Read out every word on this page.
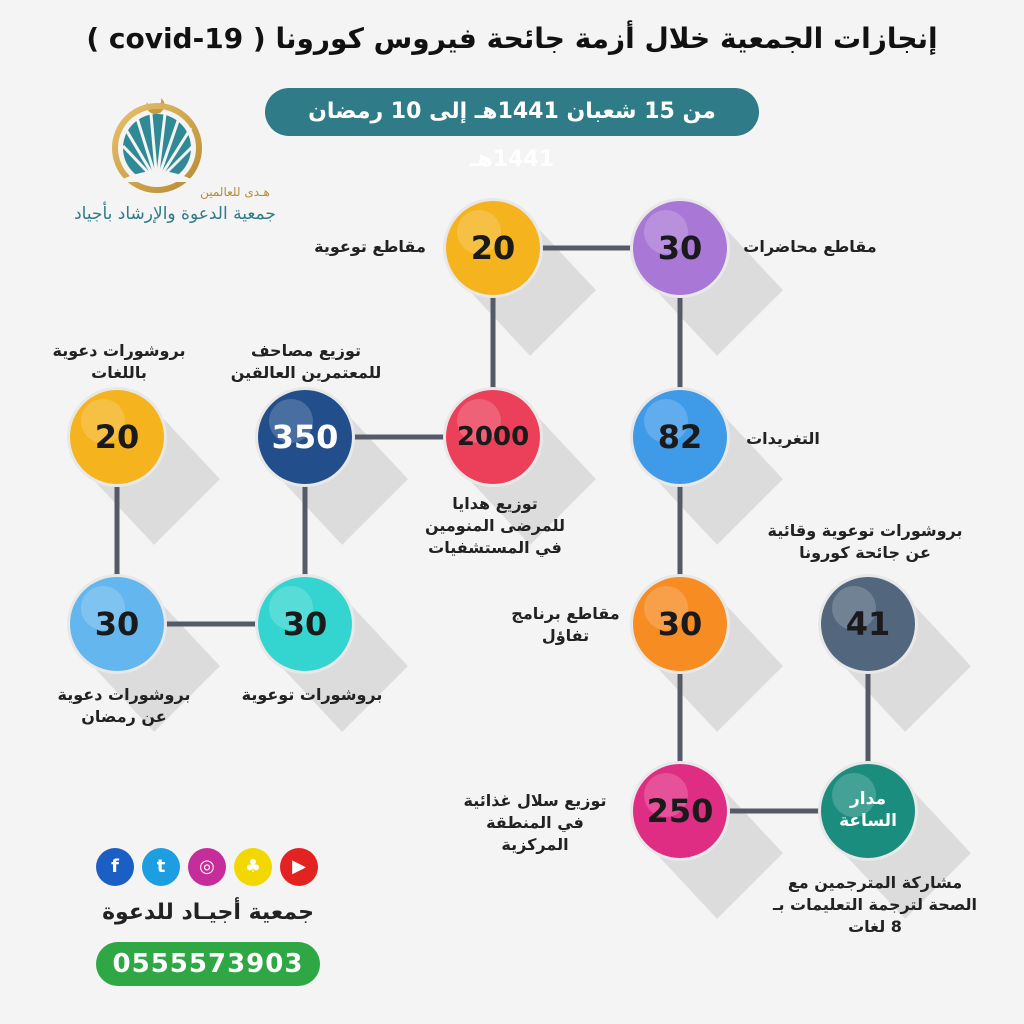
إنجازات الجمعية خلال أزمة جائحة فيروس كورونا ( covid-19 )
من 15 شعبان 1441هـ إلى 10 رمضان 1441هـ
هـدى للعالمين
جمعية الدعوة والإرشاد بأجياد
30
20
82
2000
350
20
30
30	30
250	مدار الساعة
41
مقاطع محاضرات
مقاطع توعوية
التغريدات
توزيع هدايا للمرضى المنومين في المستشفيات
توزيع مصاحف للمعتمرين العالقين
بروشورات دعوية باللغات
بروشورات توعوية
بروشورات دعوية عن رمضان
مقاطع برنامج تفاؤل
توزيع سلال غذائية في المنطقة المركزية
مشاركة المترجمين مع الصحة لترجمة التعليمات بـ 8 لغات
بروشورات توعوية وقائية عن جائحة كورونا
f	t	◎	♣	▶
جمعية أجيـاد للدعوة
0555573903
